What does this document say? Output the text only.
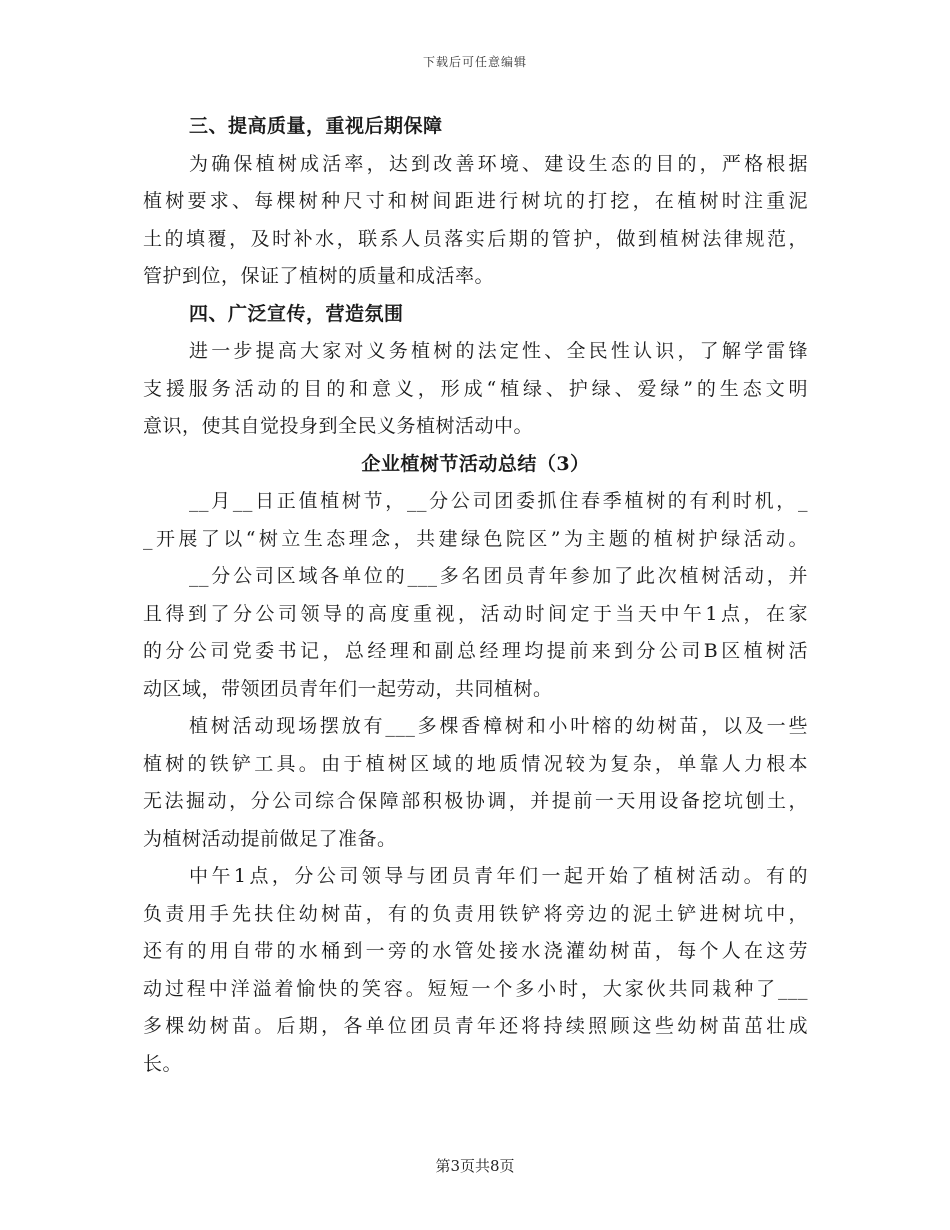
下载后可任意编辑
三、提高质量，重视后期保障
为确保植树成活率，达到改善环境、建设生态的目的，严格根据
植树要求、每棵树种尺寸和树间距进行树坑的打挖，在植树时注重泥
土的填覆，及时补水，联系人员落实后期的管护，做到植树法律规范，
管护到位，保证了植树的质量和成活率。
四、广泛宣传，营造氛围
进一步提高大家对义务植树的法定性、全民性认识，了解学雷锋
支援服务活动的目的和意义，形成“植绿、护绿、爱绿”的生态文明
意识，使其自觉投身到全民义务植树活动中。
企业植树节活动总结（3）
__月__日正值植树节，__分公司团委抓住春季植树的有利时机，_
_开展了以“树立生态理念，共建绿色院区”为主题的植树护绿活动。
__分公司区域各单位的___多名团员青年参加了此次植树活动，并
且得到了分公司领导的高度重视，活动时间定于当天中午1点，在家
的分公司党委书记，总经理和副总经理均提前来到分公司B区植树活
动区域，带领团员青年们一起劳动，共同植树。
植树活动现场摆放有___多棵香樟树和小叶榕的幼树苗，以及一些
植树的铁铲工具。由于植树区域的地质情况较为复杂，单靠人力根本
无法掘动，分公司综合保障部积极协调，并提前一天用设备挖坑刨土，
为植树活动提前做足了准备。
中午1点，分公司领导与团员青年们一起开始了植树活动。有的
负责用手先扶住幼树苗，有的负责用铁铲将旁边的泥土铲进树坑中，
还有的用自带的水桶到一旁的水管处接水浇灌幼树苗，每个人在这劳
动过程中洋溢着愉快的笑容。短短一个多小时，大家伙共同栽种了___
多棵幼树苗。后期，各单位团员青年还将持续照顾这些幼树苗茁壮成
长。
第3页共8页
